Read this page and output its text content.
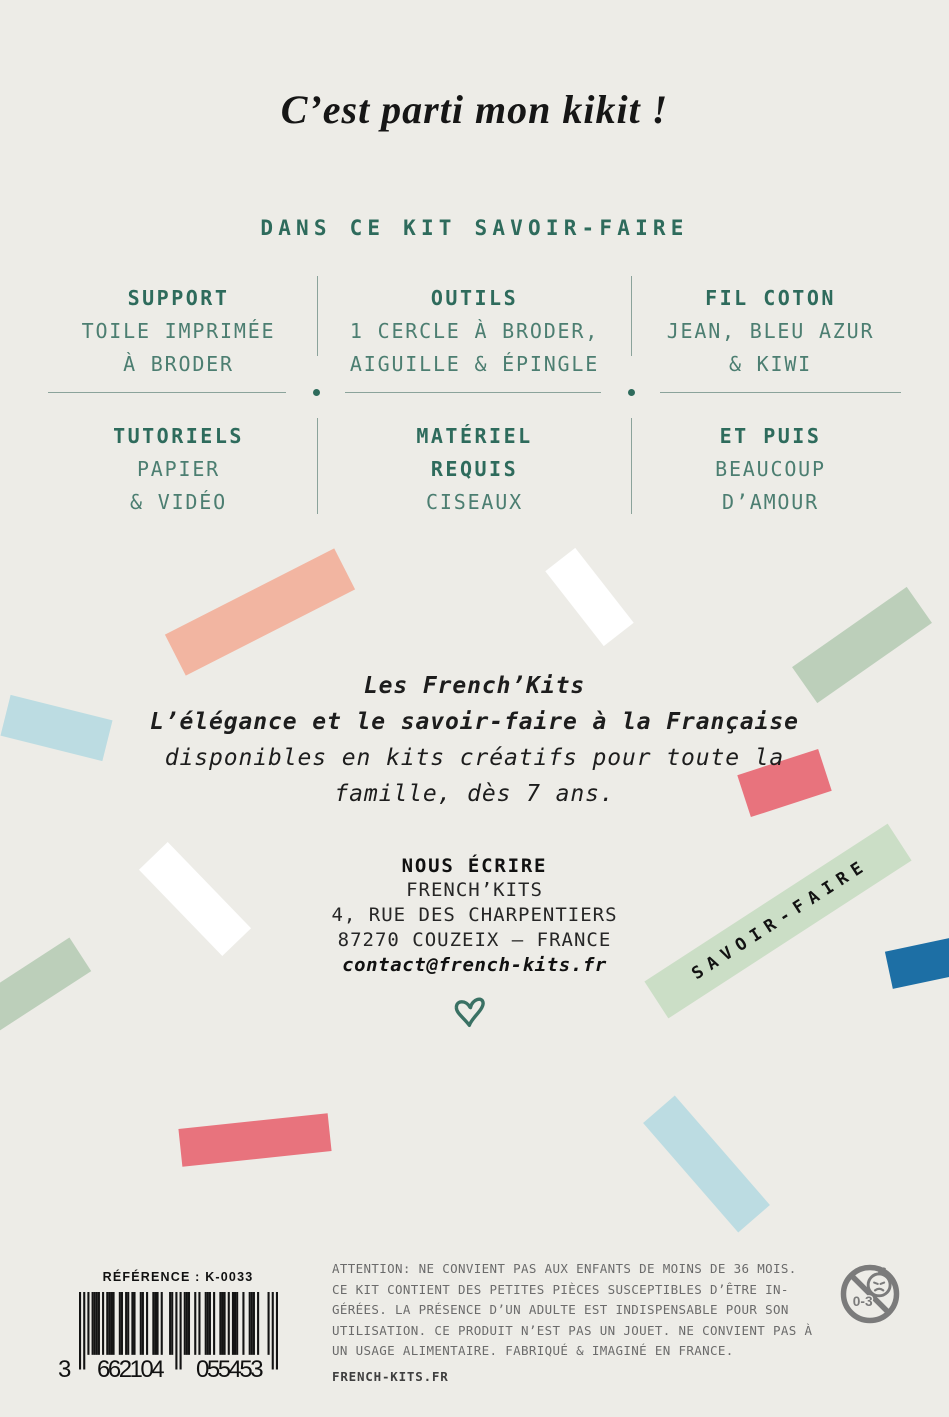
C’est parti mon kikit !
DANS CE KIT SAVOIR-FAIRE
SUPPORT
TOILE IMPRIMÉE
À BRODER
OUTILS
1 CERCLE À BRODER,
AIGUILLE & ÉPINGLE
FIL COTON
JEAN, BLEU AZUR
& KIWI
TUTORIELS
PAPIER
& VIDÉO
MATÉRIEL
REQUIS
CISEAUX
ET PUIS
BEAUCOUP
D’AMOUR
Les French’Kits
L’élégance et le savoir-faire à la Française
disponibles en kits créatifs pour toute la
famille, dès 7 ans.
NOUS ÉCRIRE
FRENCH’KITS
4, RUE DES CHARPENTIERS
87270 COUZEIX – FRANCE
contact@french-kits.fr	SAVOIR-FAIRE
RÉFÉRENCE : K-0033
3 662104 055453
ATTENTION: NE CONVIENT PAS AUX ENFANTS DE MOINS DE 36 MOIS.
CE KIT CONTIENT DES PETITES PIÈCES SUSCEPTIBLES D’ÊTRE IN-
GÉRÉES. LA PRÉSENCE D’UN ADULTE EST INDISPENSABLE POUR SON
UTILISATION. CE PRODUIT N’EST PAS UN JOUET. NE CONVIENT PAS À
UN USAGE ALIMENTAIRE. FABRIQUÉ & IMAGINÉ EN FRANCE.
FRENCH-KITS.FR
0-3
